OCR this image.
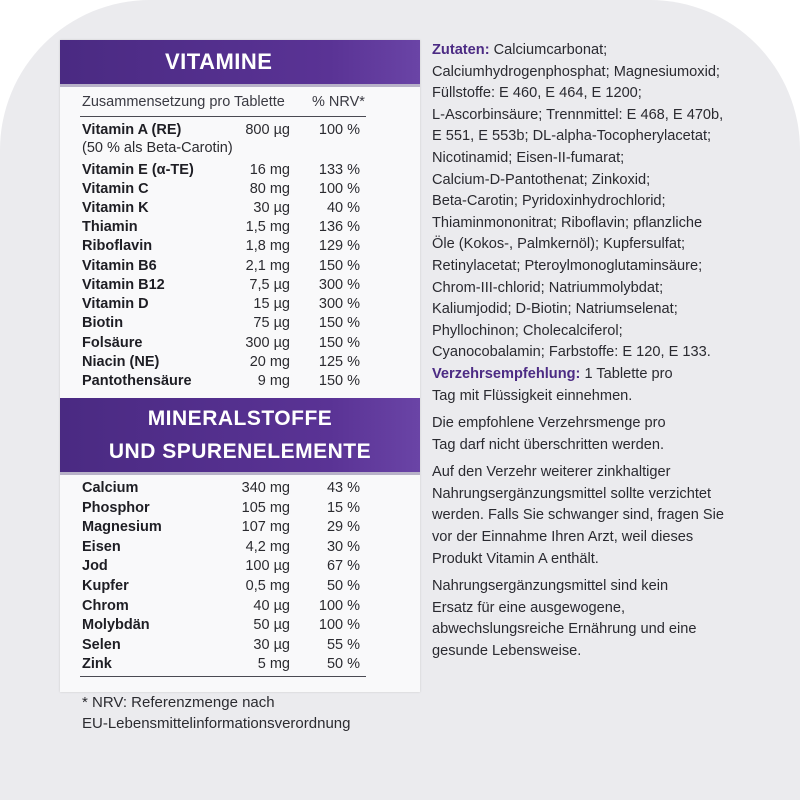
VITAMINE
Zusammensetzung pro Tablette % NRV*
Vitamin A (RE)	800 µg 100 %
(50 % als Beta-Carotin)
Vitamin E (α-TE)	16 mg 133 %
Vitamin C	80 mg 100 %
Vitamin K	30 µg	40 %
Thiamin	1,5 mg 136 %
Riboflavin	1,8 mg 129 %
Vitamin B6	2,1 mg 150 %
Vitamin B12	7,5 µg 300 %
Vitamin D	15 µg 300 %
Biotin	75 µg 150 %
Folsäure	300 µg 150 %
Niacin (NE)	20 mg 125 %
Pantothensäure	9 mg 150 %
MINERALSTOFFE
UND SPURENELEMENTE
Calcium	340 mg	43 %
Phosphor	105 mg	15 %
Magnesium	107 mg	29 %
Eisen	4,2 mg	30 %
Jod	100 µg	67 %
Kupfer	0,5 mg	50 %
Chrom	40 µg 100 %
Molybdän	50 µg 100 %
Selen	30 µg	55 %
Zink	5 mg	50 %
* NRV: Referenzmenge nach
EU-Lebensmittelinformationsverordnung

Zutaten: Calciumcarbonat;
Calciumhydrogenphosphat; Magnesiumoxid;
Füllstoffe: E 460, E 464, E 1200;
L-Ascorbinsäure; Trennmittel: E 468, E 470b,
E 551, E 553b; DL-alpha-Tocopherylacetat;
Nicotinamid; Eisen-II-fumarat;
Calcium-D-Pantothenat; Zinkoxid;
Beta-Carotin; Pyridoxinhydrochlorid;
Thiaminmononitrat; Riboflavin; pflanzliche
Öle (Kokos-, Palmkernöl); Kupfersulfat;
Retinylacetat; Pteroylmonoglutaminsäure;
Chrom-III-chlorid; Natriummolybdat;
Kaliumjodid; D-Biotin; Natriumselenat;
Phyllochinon; Cholecalciferol;
Cyanocobalamin; Farbstoffe: E 120, E 133.

Verzehrsempfehlung: 1 Tablette pro
Tag mit Flüssigkeit einnehmen.

Die empfohlene Verzehrsmenge pro
Tag darf nicht überschritten werden.

Auf den Verzehr weiterer zinkhaltiger
Nahrungsergänzungsmittel sollte verzichtet
werden. Falls Sie schwanger sind, fragen Sie
vor der Einnahme Ihren Arzt, weil dieses
Produkt Vitamin A enthält.

Nahrungsergänzungsmittel sind kein
Ersatz für eine ausgewogene,
abwechslungsreiche Ernährung und eine
gesunde Lebensweise.
